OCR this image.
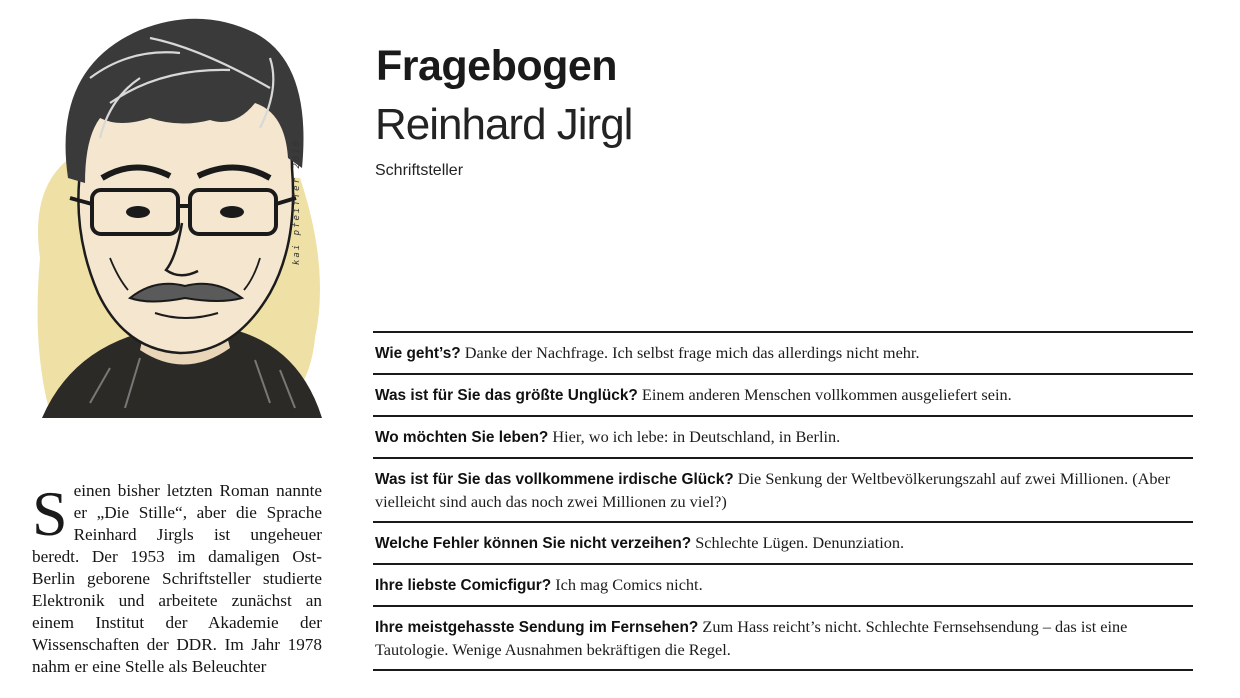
kai pfeiffer 2010
Seinen bisher letzten Roman nannte er „Die Stille“, aber die Sprache Reinhard Jirgls ist ungeheuer beredt. Der 1953 im damaligen Ost-Berlin geborene Schriftsteller studierte Elektronik und arbeitete zunächst an einem Institut der Akademie der Wissenschaften der DDR. Im Jahr 1978 nahm er eine Stelle als Beleuchter
Fragebogen
Reinhard Jirgl
Schriftsteller
Wie geht’s? Danke der Nachfrage. Ich selbst frage mich das allerdings nicht mehr.
Was ist für Sie das größte Unglück? Einem anderen Menschen vollkommen ausgeliefert sein.
Wo möchten Sie leben? Hier, wo ich lebe: in Deutschland, in Berlin.
Was ist für Sie das vollkommene irdische Glück? Die Senkung der Weltbevölkerungszahl auf zwei Millionen. (Aber vielleicht sind auch das noch zwei Millionen zu viel?)
Welche Fehler können Sie nicht verzeihen? Schlechte Lügen. Denunziation.
Ihre liebste Comicfigur? Ich mag Comics nicht.
Ihre meistgehasste Sendung im Fernsehen? Zum Hass reicht’s nicht. Schlechte Fernsehsendung – das ist eine Tautologie. Wenige Ausnahmen bekräftigen die Regel.
